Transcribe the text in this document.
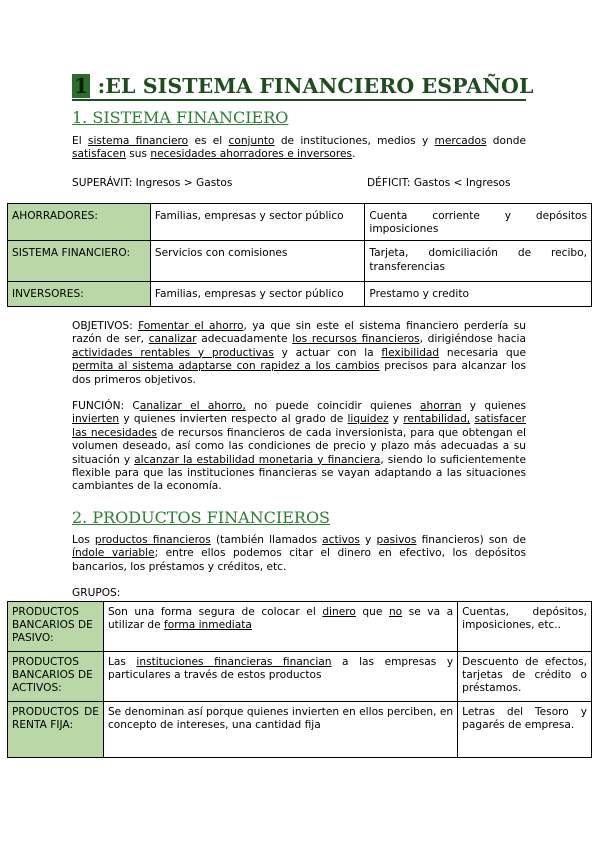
1 :EL SISTEMA FINANCIERO ESPAÑOL
1. SISTEMA FINANCIERO
El sistema financiero es el conjunto de instituciones, medios y mercados donde satisfacen sus necesidades ahorradores e inversores.
SUPERÁVIT: Ingresos > Gastos	DÉFICIT: Gastos < Ingresos
AHORRADORES:	Familias, empresas y sector público	Cuenta corriente y depósitos imposiciones
SISTEMA FINANCIERO:	Servicios con comisiones	Tarjeta, domiciliación de recibo, transferencias
INVERSORES:	Familias, empresas y sector público	Prestamo y credito
OBJETIVOS: Fomentar el ahorro, ya que sin este el sistema financiero perdería su razón de ser, canalizar adecuadamente los recursos financieros, dirigiéndose hacia actividades rentables y productivas y actuar con la flexibilidad necesaria que permita al sistema adaptarse con rapidez a los cambios precisos para alcanzar los dos primeros objetivos.
FUNCIÓN: Canalizar el ahorro, no puede coincidir quienes ahorran y quienes invierten y quienes invierten respecto al grado de liquidez y rentabilidad, satisfacer las necesidades de recursos financieros de cada inversionista, para que obtengan el volumen deseado, así como las condiciones de precio y plazo más adecuadas a su situación y alcanzar la estabilidad monetaria y financiera, siendo lo suficientemente flexible para que las instituciones financieras se vayan adaptando a las situaciones cambiantes de la economía.
2. PRODUCTOS FINANCIEROS
Los productos financieros (también llamados activos y pasivos financieros) son de índole variable; entre ellos podemos citar el dinero en efectivo, los depósitos bancarios, los préstamos y créditos, etc.
GRUPOS:
PRODUCTOS BANCARIOS DE PASIVO:	Son una forma segura de colocar el dinero que no se va a utilizar de forma inmediata	Cuentas, depósitos, imposiciones, etc..
PRODUCTOS BANCARIOS DE ACTIVOS:	Las instituciones financieras financian a las empresas y particulares a través de estos productos	Descuento de efectos, tarjetas de crédito o préstamos.
PRODUCTOS DE RENTA FIJA:	Se denominan así porque quienes invierten en ellos perciben, en concepto de intereses, una cantidad fija	Letras del Tesoro y pagarés de empresa.
